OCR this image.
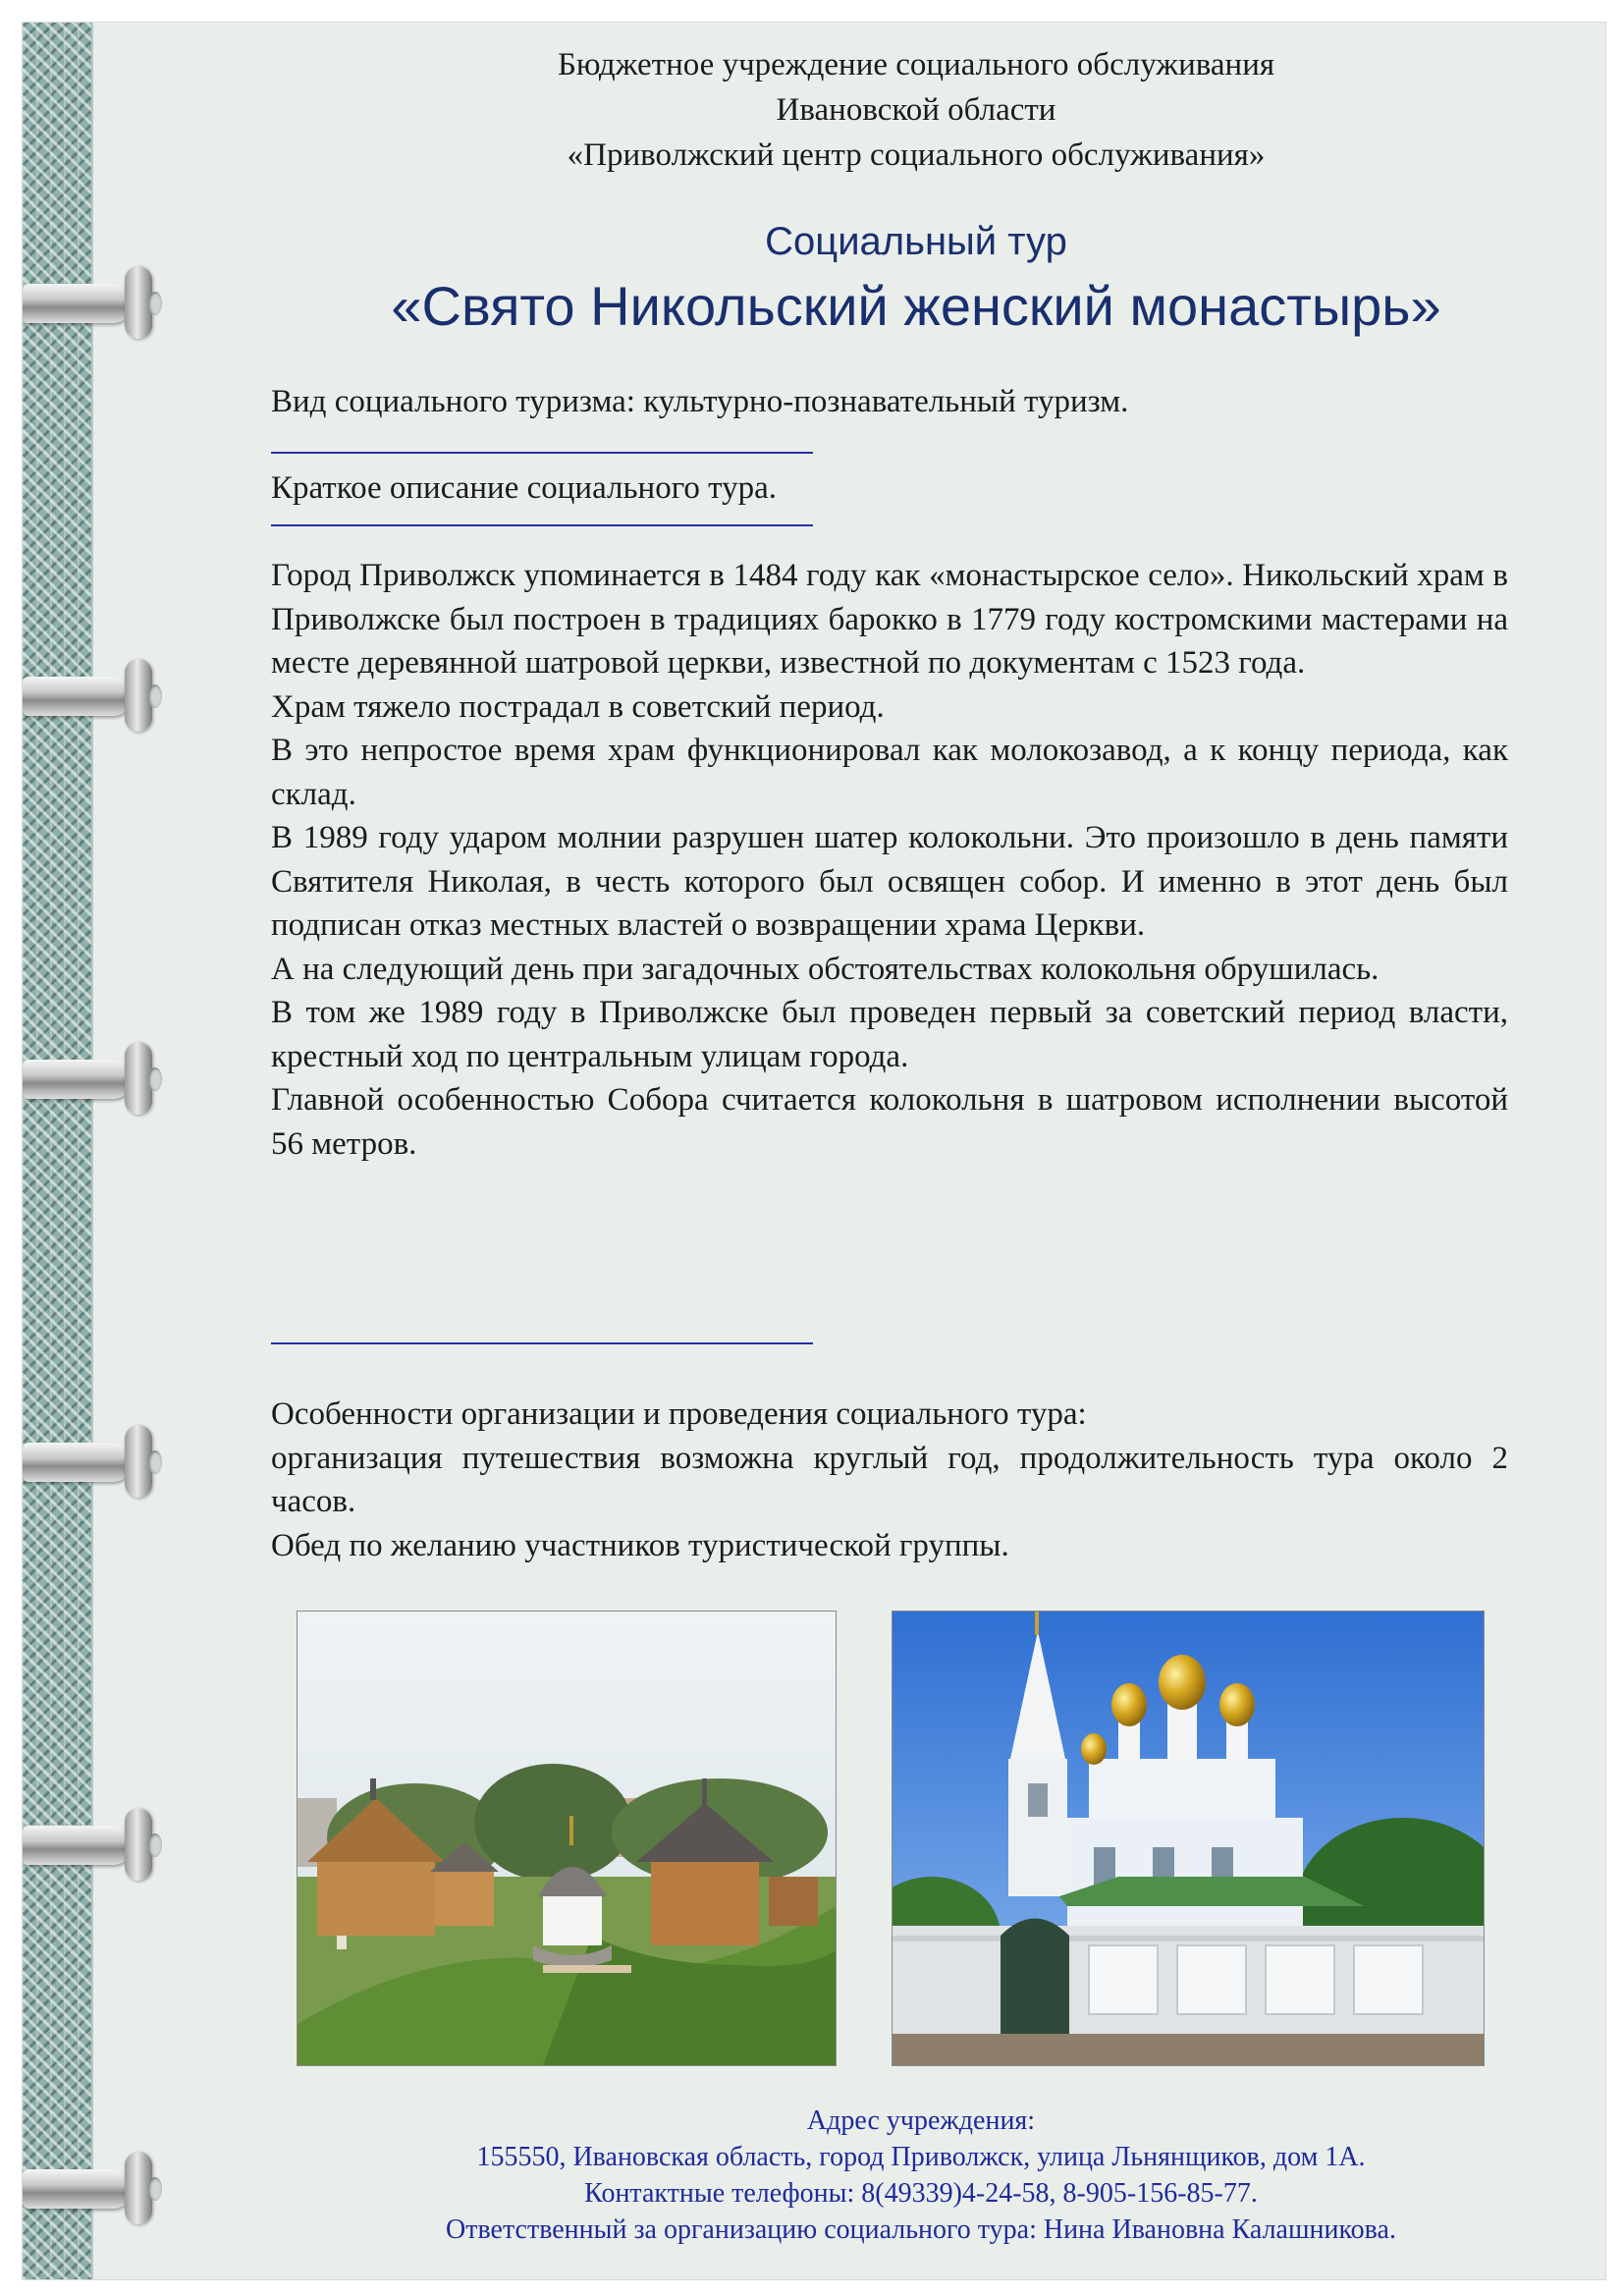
Бюджетное учреждение социального обслуживания
Ивановской области
«Приволжский центр социального обслуживания»
Социальный тур
«Свято Никольский женский монастырь»
Вид социального туризма: культурно-познавательный туризм.
Краткое описание социального тура.

Город Приволжск упоминается в 1484 году как «монастырское село». Никольский храм в Приволжске был построен в традициях барокко в 1779 году костромскими мастерами на месте деревянной шатровой церкви, известной по документам с 1523 года.

Храм тяжело пострадал в советский период.

В это непростое время храм функционировал как молокозавод, а к концу периода, как склад.

В 1989 году ударом молнии разрушен шатер колокольни. Это произошло в день памяти Святителя Николая, в честь которого был освящен собор. И именно в этот день был подписан отказ местных властей о возвращении храма Церкви.

А на следующий день при загадочных обстоятельствах колокольня обрушилась.

В том же 1989 году в Приволжске был проведен первый за советский период власти, крестный ход по центральным улицам города.

Главной особенностью Собора считается колокольня в шатровом исполнении высотой 56 метров.

Особенности организации и проведения социального тура:

организация путешествия возможна круглый год, продолжительность тура около 2 часов.

Обед по желанию участников туристической группы.

Адрес учреждения:
155550, Ивановская область, город Приволжск, улица Льнянщиков, дом 1А.
Контактные телефоны: 8(49339)4-24-58, 8-905-156-85-77.
Ответственный за организацию социального тура: Нина Ивановна Калашникова.
